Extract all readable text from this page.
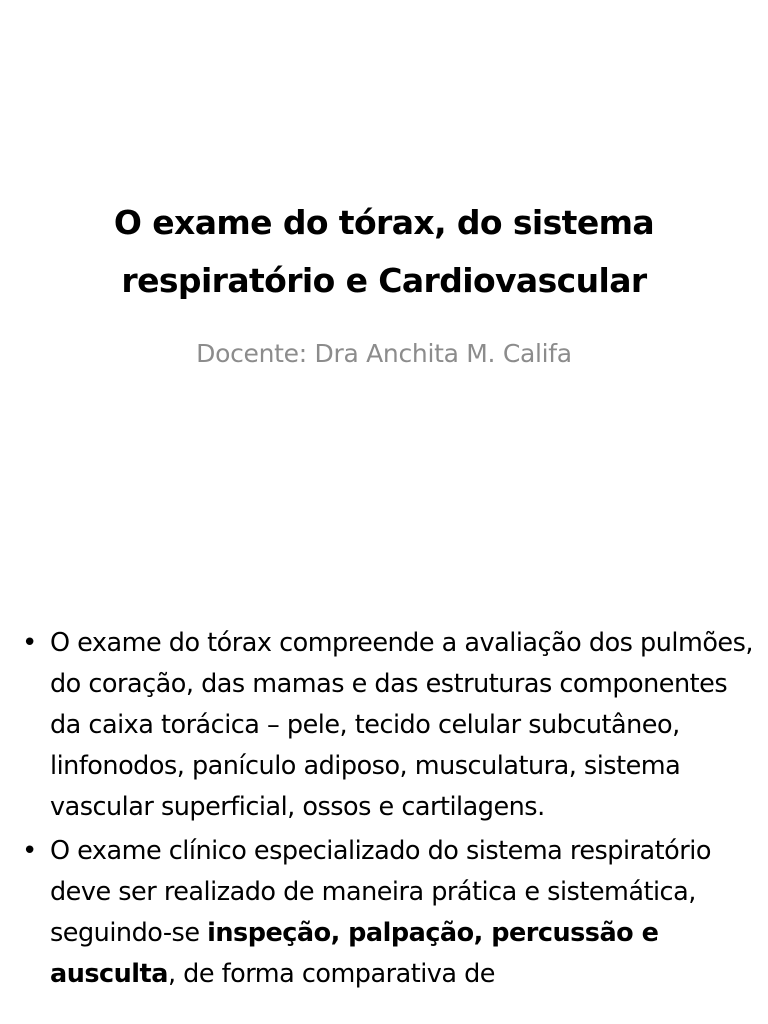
O exame do tórax, do sistema
respiratório e Cardiovascular

Docente: Dra Anchita M. Califa

• O exame do tórax compreende a avaliação dos pulmões, do coração, das mamas e das estruturas componentes da caixa torácica – pele, tecido celular subcutâneo, linfonodos, panículo adiposo, musculatura, sistema vascular superficial, ossos e cartilagens.
• O exame clínico especializado do sistema respiratório deve ser realizado de maneira prática e sistemática, seguindo-se inspeção, palpação, percussão e ausculta, de forma comparativa de
